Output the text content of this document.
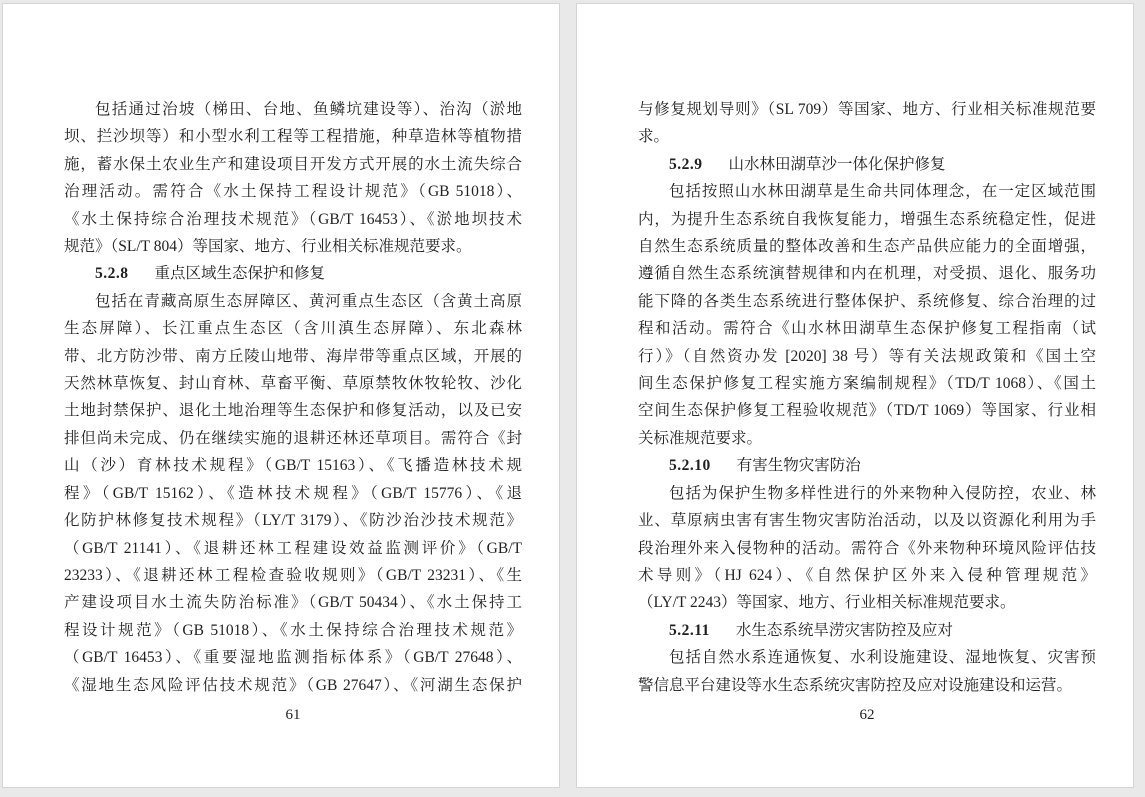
包括通过治坡（梯田、台地、鱼鳞坑建设等）、治沟（淤地
坝、拦沙坝等）和小型水利工程等工程措施，种草造林等植物措
施，蓄水保土农业生产和建设项目开发方式开展的水土流失综合
治理活动。需符合《水土保持工程设计规范》（GB 51018）、
《水土保持综合治理技术规范》（GB/T 16453）、《淤地坝技术
规范》（SL/T 804）等国家、地方、行业相关标准规范要求。
5.2.8 重点区域生态保护和修复
包括在青藏高原生态屏障区、黄河重点生态区（含黄土高原
生态屏障）、长江重点生态区（含川滇生态屏障）、东北森林
带、北方防沙带、南方丘陵山地带、海岸带等重点区域，开展的
天然林草恢复、封山育林、草畜平衡、草原禁牧休牧轮牧、沙化
土地封禁保护、退化土地治理等生态保护和修复活动，以及已安
排但尚未完成、仍在继续实施的退耕还林还草项目。需符合《封
山（沙）育林技术规程》（GB/T 15163）、《飞播造林技术规
程》（GB/T 15162）、《造林技术规程》（GB/T 15776）、《退
化防护林修复技术规程》（LY/T 3179）、《防沙治沙技术规范》
（GB/T 21141）、《退耕还林工程建设效益监测评价》（GB/T
23233）、《退耕还林工程检查验收规则》（GB/T 23231）、《生
产建设项目水土流失防治标准》（GB/T 50434）、《水土保持工
程设计规范》（GB 51018）、《水土保持综合治理技术规范》
（GB/T 16453）、《重要湿地监测指标体系》（GB/T 27648）、
《湿地生态风险评估技术规范》（GB 27647）、《河湖生态保护
61
与修复规划导则》（SL 709）等国家、地方、行业相关标准规范要
求。
5.2.9 山水林田湖草沙一体化保护修复
包括按照山水林田湖草是生命共同体理念，在一定区域范围
内，为提升生态系统自我恢复能力，增强生态系统稳定性，促进
自然生态系统质量的整体改善和生态产品供应能力的全面增强，
遵循自然生态系统演替规律和内在机理，对受损、退化、服务功
能下降的各类生态系统进行整体保护、系统修复、综合治理的过
程和活动。需符合《山水林田湖草生态保护修复工程指南（试
行）》（自然资办发 [2020] 38 号）等有关法规政策和《国土空
间生态保护修复工程实施方案编制规程》（TD/T 1068）、《国土
空间生态保护修复工程验收规范》（TD/T 1069）等国家、行业相
关标准规范要求。
5.2.10 有害生物灾害防治
包括为保护生物多样性进行的外来物种入侵防控，农业、林
业、草原病虫害有害生物灾害防治活动，以及以资源化利用为手
段治理外来入侵物种的活动。需符合《外来物种环境风险评估技
术导则》（HJ 624）、《自然保护区外来入侵种管理规范》
（LY/T 2243）等国家、地方、行业相关标准规范要求。
5.2.11 水生态系统旱涝灾害防控及应对
包括自然水系连通恢复、水利设施建设、湿地恢复、灾害预
警信息平台建设等水生态系统灾害防控及应对设施建设和运营。
62
